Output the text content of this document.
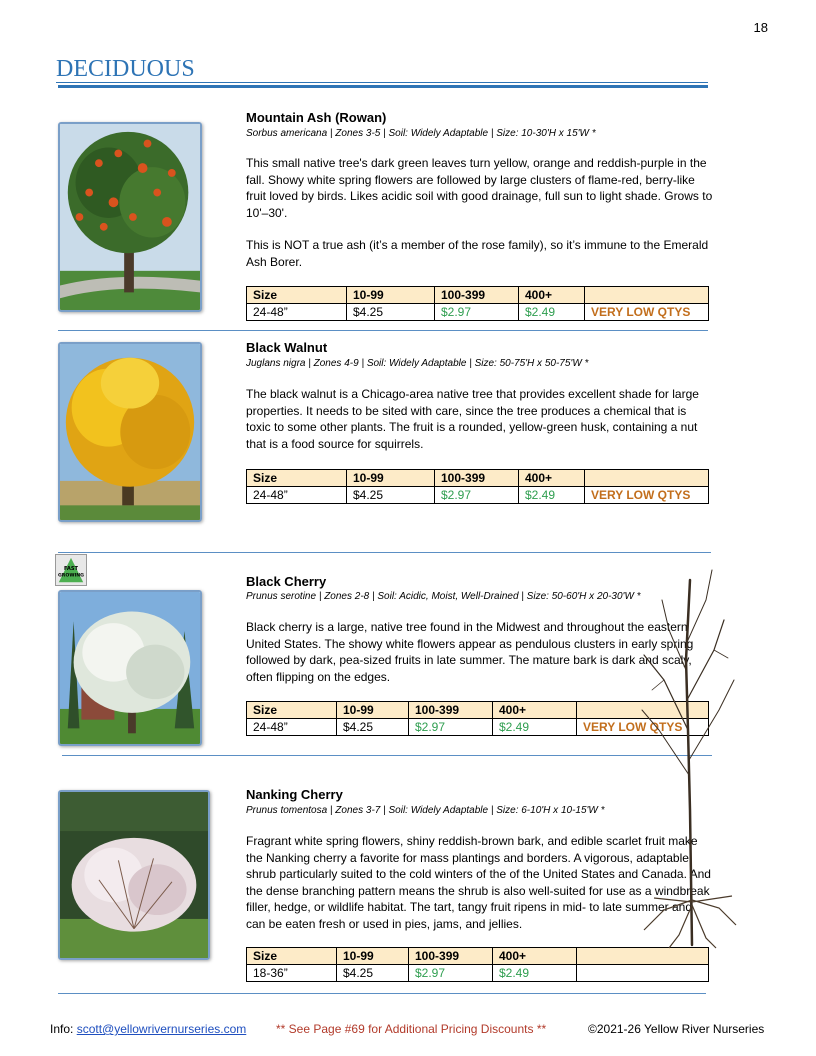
18
DECIDUOUS
Mountain Ash (Rowan)
Sorbus americana | Zones 3-5 | Soil: Widely Adaptable | Size: 10-30'H x 15'W *

This small native tree's dark green leaves turn yellow, orange and reddish-purple in the fall. Showy white spring flowers are followed by large clusters of flame-red, berry-like fruit loved by birds. Likes acidic soil with good drainage, full sun to light shade. Grows to 10'–30'.

This is NOT a true ash (it’s a member of the rose family), so it’s immune to the Emerald Ash Borer.

Size	10-99	100-399	400+	
24-48”	$4.25	$2.97	$2.49	VERY LOW QTYS
Black Walnut
Juglans nigra | Zones 4-9 | Soil: Widely Adaptable | Size: 50-75'H x 50-75'W *

The black walnut is a Chicago-area native tree that provides excellent shade for large properties. It needs to be sited with care, since the tree produces a chemical that is toxic to some other plants. The fruit is a rounded, yellow-green husk, containing a nut that is a food source for squirrels.

Size	10-99	100-399	400+	
24-48”	$4.25	$2.97	$2.49	VERY LOW QTYS
FAST
GROWING	Black Cherry
Prunus serotine | Zones 2-8 | Soil: Acidic, Moist, Well-Drained | Size: 50-60'H x 20-30'W *

Black cherry is a large, native tree found in the Midwest and throughout the eastern United States. The showy white flowers appear as pendulous clusters in early spring followed by dark, pea-sized fruits in late summer. The mature bark is dark and scaly, often flipping on the edges.

Size	10-99	100-399	400+	
24-48”	$4.25	$2.97	$2.49	VERY LOW QTYS
Nanking Cherry
Prunus tomentosa | Zones 3-7 | Soil: Widely Adaptable | Size: 6-10'H x 10-15'W *

Fragrant white spring flowers, shiny reddish-brown bark, and edible scarlet fruit make the Nanking cherry a favorite for mass plantings and borders. A vigorous, adaptable shrub particularly suited to the cold winters of the of the United States and Canada. And the dense branching pattern means the shrub is also well-suited for use as a windbreak filler, hedge, or wildlife habitat. The tart, tangy fruit ripens in mid- to late summer and can be eaten fresh or used in pies, jams, and jellies.

Size	10-99	100-399	400+	
18-36”	$4.25	$2.97	$2.49	
Info: scott@yellowrivernurseries.com ** See Page #69 for Additional Pricing Discounts **	©2021-26 Yellow River Nurseries
